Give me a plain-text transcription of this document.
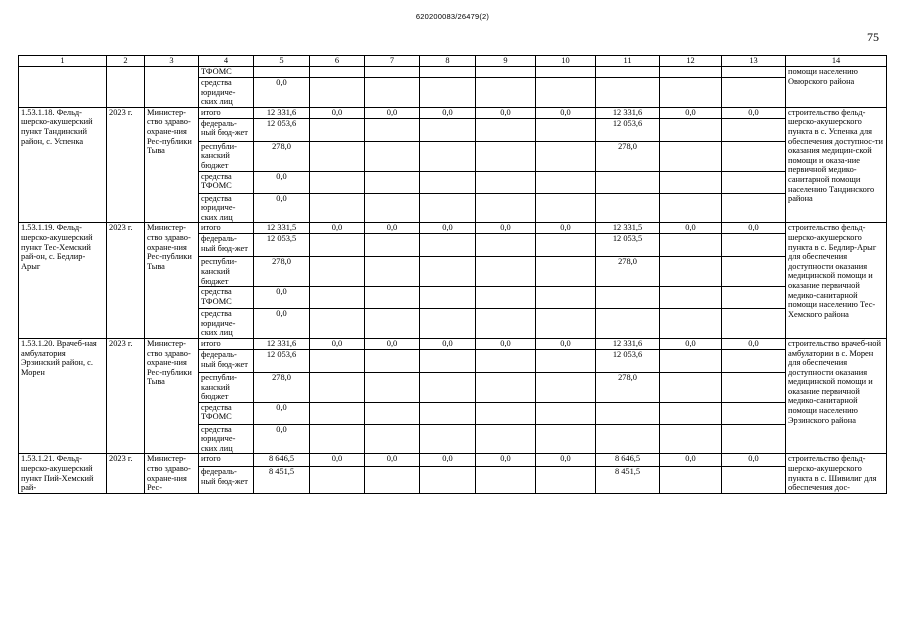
620200083/26479(2)
75
1	2	3	4	5	6	7	8	9	10	11	12	13	14
			ТФОМС										помощи населению Овюрского района
			средства юридиче-ских лиц	0,0									
1.53.1.18. Фельд-шерско-акушерский пункт Тандинский район, с. Успенка	2023 г.	Министер-ство здраво-охране-ния Рес-публики Тыва	итого	12 331,6	0,0	0,0	0,0	0,0	0,0	12 331,6	0,0	0,0	строительство фельд-шерско-акушерского пункта в с. Успенка для обеспечения доступнос-ти оказания медицин-ской помощи и оказа-ние первичной медико-санитарной помощи населению Тандинского района
			федераль-ный бюд-жет	12 053,6						12 053,6			
			республи-канский бюджет	278,0						278,0			
			средства ТФОМС	0,0									
			средства юридиче-ских лиц	0,0									
1.53.1.19. Фельд-шерско-акушерский пункт Тес-Хемский рай-он, с. Бедлир-Арыг	2023 г.	Министер-ство здраво-охране-ния Рес-публики Тыва	итого	12 331,5	0,0	0,0	0,0	0,0	0,0	12 331,5	0,0	0,0	строительство фельд-шерско-акушерского пункта в с. Бедлир-Арыг для обеспечения доступности оказания медицинской помощи и оказание первичной медико-санитарной помощи населению Тес-Хемского района
			федераль-ный бюд-жет	12 053,5						12 053,5			
			республи-канский бюджет	278,0						278,0			
			средства ТФОМС	0,0									
			средства юридиче-ских лиц	0,0									
1.53.1.20. Врачеб-ная амбулатория Эрзинский район, с. Морен	2023 г.	Министер-ство здраво-охране-ния Рес-публики Тыва	итого	12 331,6	0,0	0,0	0,0	0,0	0,0	12 331,6	0,0	0,0	строительство врачеб-ной амбулатории в с. Морен для обеспечения доступности оказания медицинской помощи и оказание первичной медико-санитарной помощи населению Эрзинского района
			федераль-ный бюд-жет	12 053,6						12 053,6			
			республи-канский бюджет	278,0						278,0			
			средства ТФОМС	0,0									
			средства юридиче-ских лиц	0,0									
1.53.1.21. Фельд-шерско-акушерский пункт Пий-Хемский рай-	2023 г.	Министер-ство здраво-охране-ния Рес-	итого	8 646,5	0,0	0,0	0,0	0,0	0,0	8 646,5	0,0	0,0	строительство фельд-шерско-акушерского пункта в с. Шивилиг для обеспечения дос-
			федераль-ный бюд-жет	8 451,5						8 451,5			
